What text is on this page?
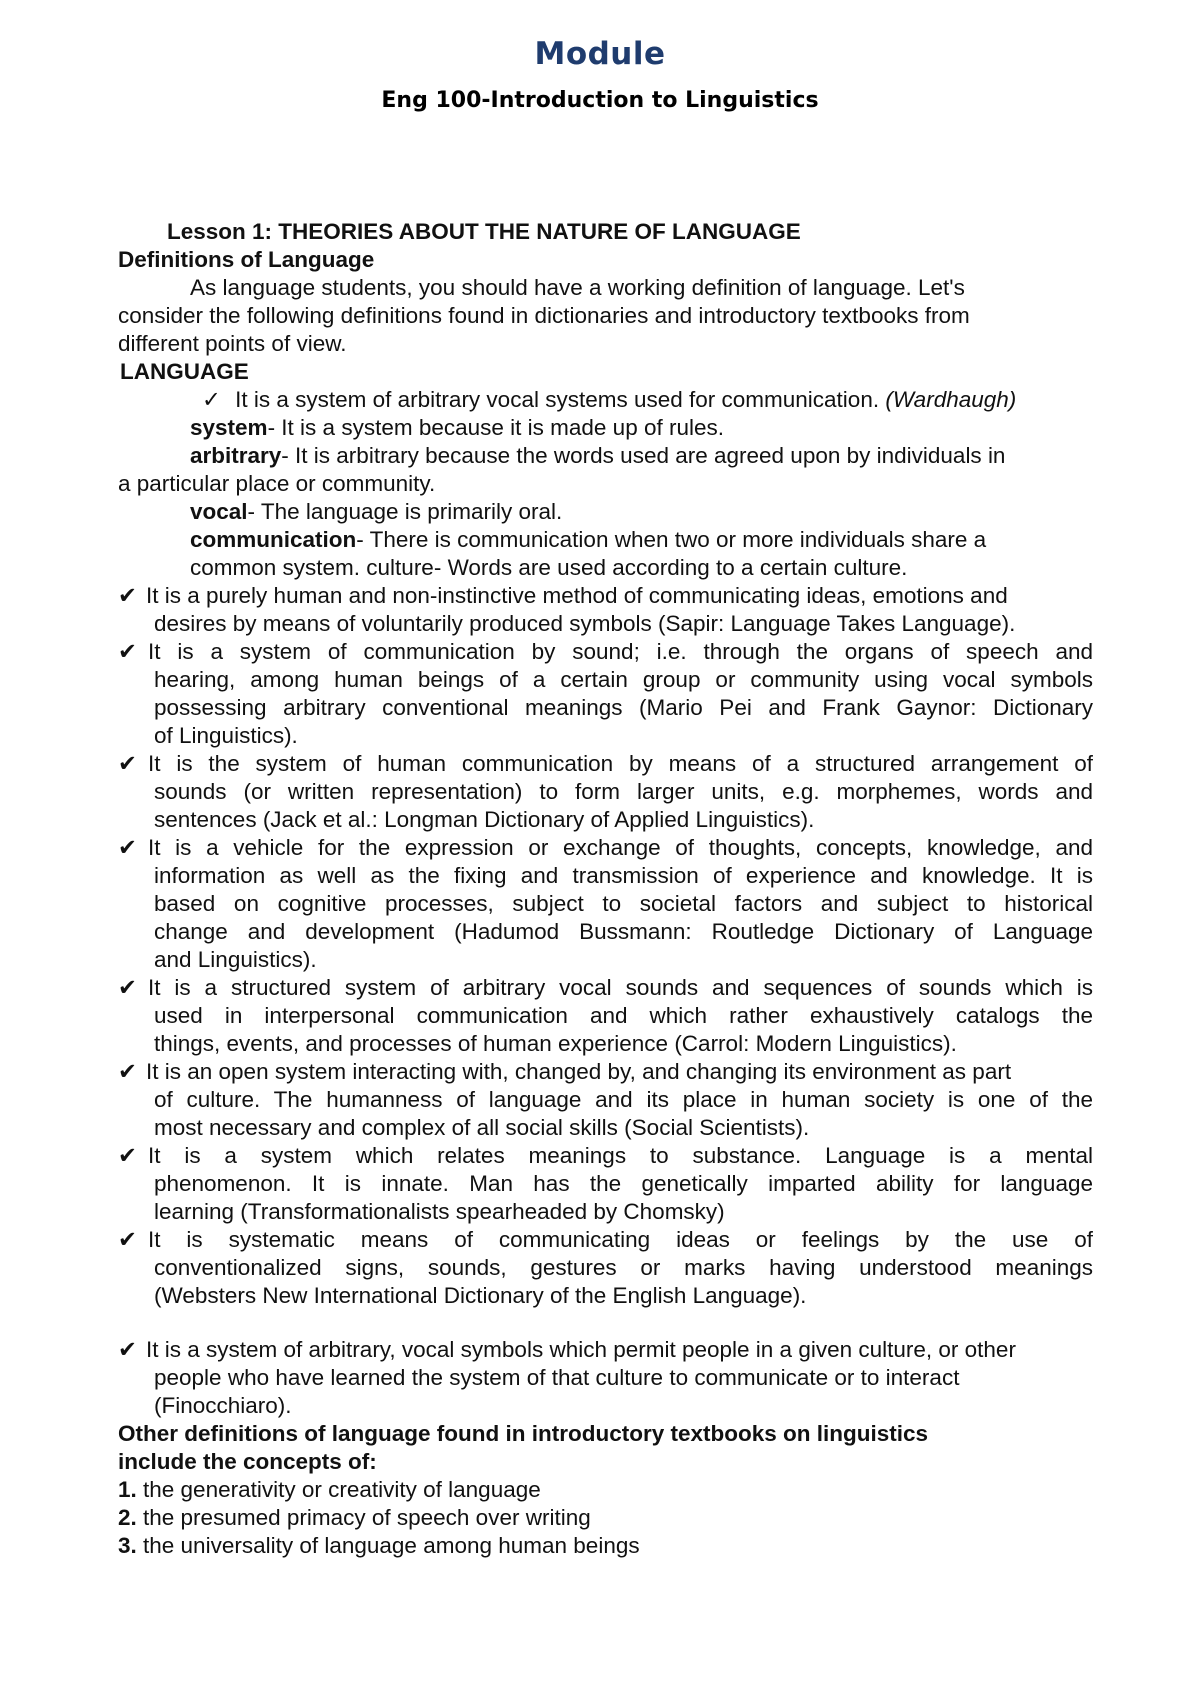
Module
Eng 100-Introduction to Linguistics
Lesson 1: THEORIES ABOUT THE NATURE OF LANGUAGE
Definitions of Language
As language students, you should have a working definition of language. Let's
consider the following definitions found in dictionaries and introductory textbooks from
different points of view.
LANGUAGE
✓ It is a system of arbitrary vocal systems used for communication. (Wardhaugh)
system- It is a system because it is made up of rules.
arbitrary- It is arbitrary because the words used are agreed upon by individuals in
a particular place or community.
vocal- The language is primarily oral.
communication- There is communication when two or more individuals share a
common system. culture- Words are used according to a certain culture.
✔ It is a purely human and non-instinctive method of communicating ideas, emotions and
desires by means of voluntarily produced symbols (Sapir: Language Takes Language).
✔ It is a system of communication by sound; i.e. through the organs of speech and
hearing, among human beings of a certain group or community using vocal symbols
possessing arbitrary conventional meanings (Mario Pei and Frank Gaynor: Dictionary
of Linguistics).
✔ It is the system of human communication by means of a structured arrangement of
sounds (or written representation) to form larger units, e.g. morphemes, words and
sentences (Jack et al.: Longman Dictionary of Applied Linguistics).
✔ It is a vehicle for the expression or exchange of thoughts, concepts, knowledge, and
information as well as the fixing and transmission of experience and knowledge. It is
based on cognitive processes, subject to societal factors and subject to historical
change and development (Hadumod Bussmann: Routledge Dictionary of Language
and Linguistics).
✔ It is a structured system of arbitrary vocal sounds and sequences of sounds which is
used in interpersonal communication and which rather exhaustively catalogs the
things, events, and processes of human experience (Carrol: Modern Linguistics).
✔ It is an open system interacting with, changed by, and changing its environment as part
of culture. The humanness of language and its place in human society is one of the
most necessary and complex of all social skills (Social Scientists).
✔ It is a system which relates meanings to substance. Language is a mental
phenomenon. It is innate. Man has the genetically imparted ability for language
learning (Transformationalists spearheaded by Chomsky)
✔ It is systematic means of communicating ideas or feelings by the use of
conventionalized signs, sounds, gestures or marks having understood meanings
(Websters New International Dictionary of the English Language).
✔ It is a system of arbitrary, vocal symbols which permit people in a given culture, or other
people who have learned the system of that culture to communicate or to interact
(Finocchiaro).
Other definitions of language found in introductory textbooks on linguistics
include the concepts of:
1. the generativity or creativity of language
2. the presumed primacy of speech over writing
3. the universality of language among human beings
